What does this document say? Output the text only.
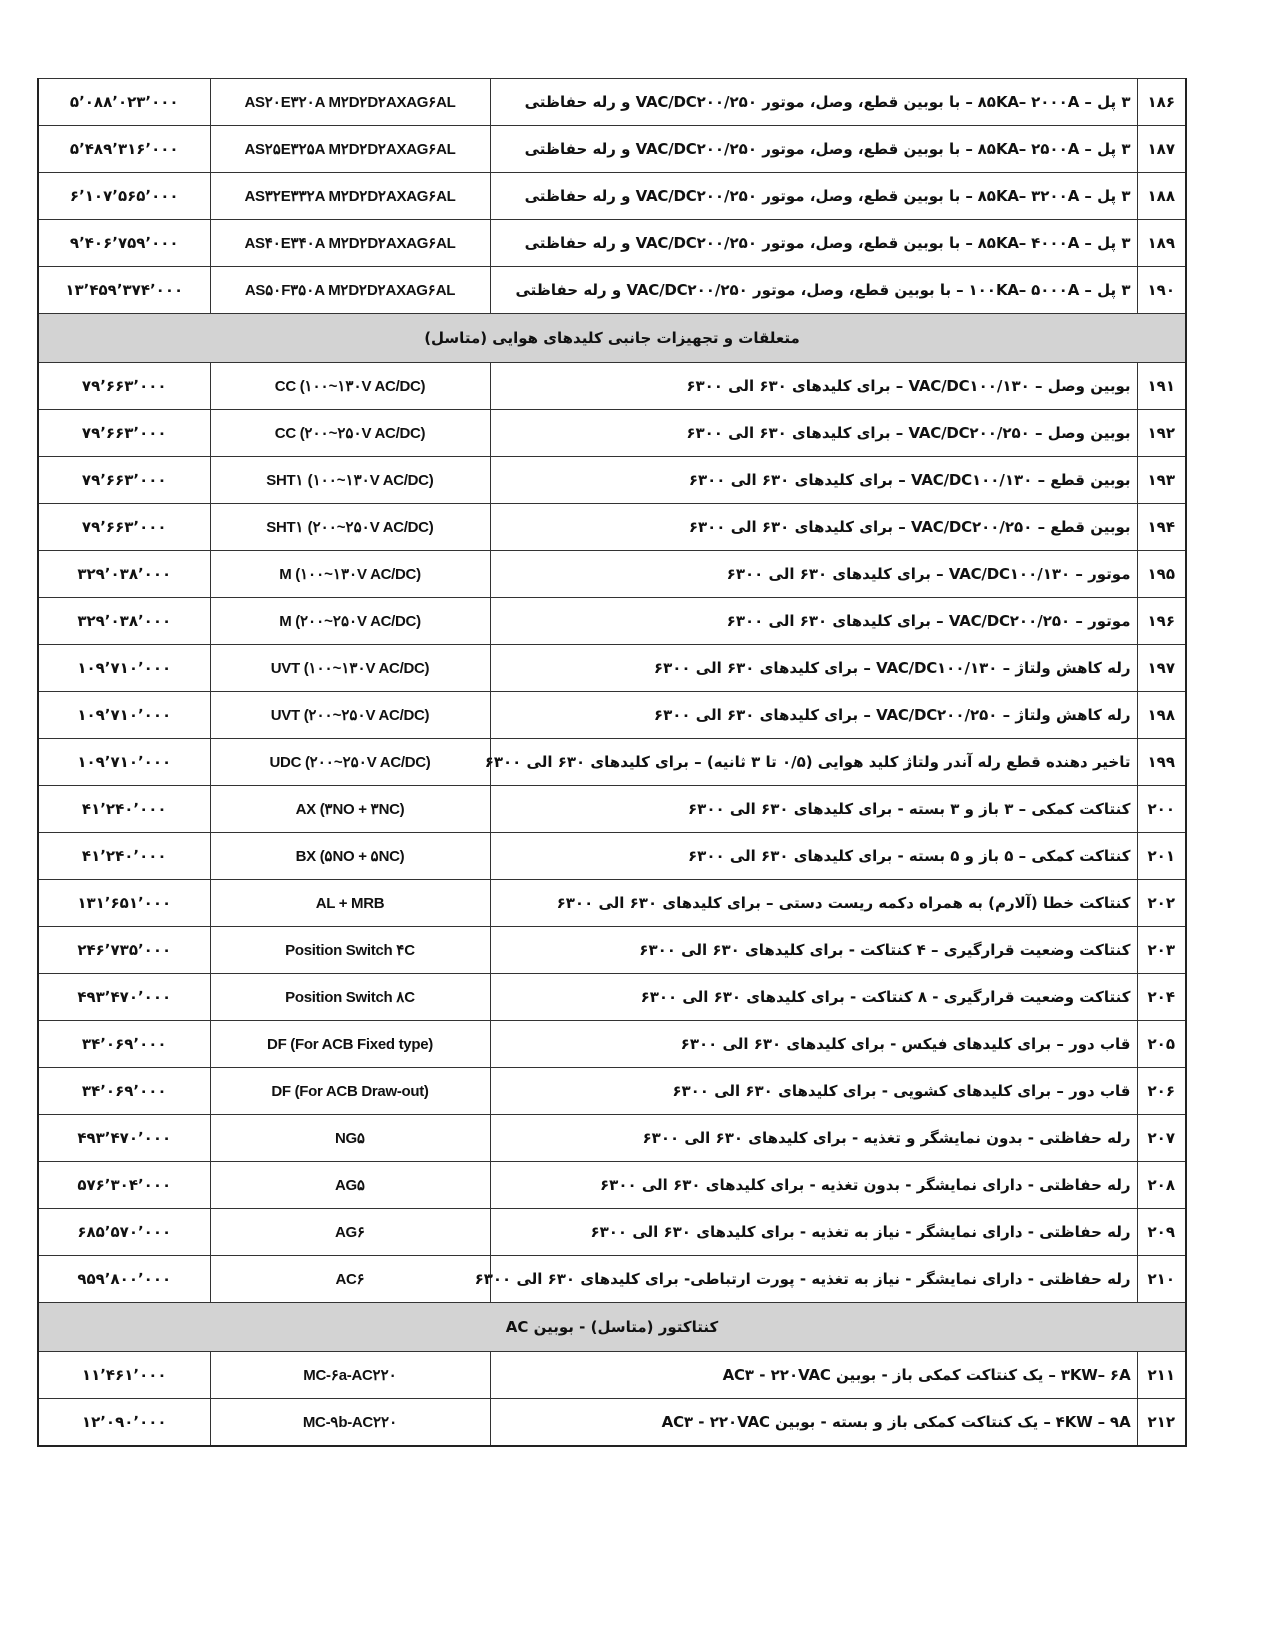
۵٬۰۸۸٬۰۲۳٬۰۰۰	AS۲۰E۳۲۰A M۲D۲D۲AXAG۶AL	۳ پل – ۸۵KA– ۲۰۰۰A – با بوبین قطع، وصل، موتور VAC/DC۲۰۰/۲۵۰ و رله حفاظتی	۱۸۶
۵٬۴۸۹٬۳۱۶٬۰۰۰	AS۲۵E۳۲۵A M۲D۲D۲AXAG۶AL	۳ پل – ۸۵KA– ۲۵۰۰A – با بوبین قطع، وصل، موتور VAC/DC۲۰۰/۲۵۰ و رله حفاظتی	۱۸۷
۶٬۱۰۷٬۵۶۵٬۰۰۰	AS۳۲E۳۳۲A M۲D۲D۲AXAG۶AL	۳ پل – ۸۵KA– ۳۲۰۰A – با بوبین قطع، وصل، موتور VAC/DC۲۰۰/۲۵۰ و رله حفاظتی	۱۸۸
۹٬۴۰۶٬۷۵۹٬۰۰۰	AS۴۰E۳۴۰A M۲D۲D۲AXAG۶AL	۳ پل – ۸۵KA– ۴۰۰۰A – با بوبین قطع، وصل، موتور VAC/DC۲۰۰/۲۵۰ و رله حفاظتی	۱۸۹
۱۳٬۴۵۹٬۳۷۴٬۰۰۰	AS۵۰F۳۵۰A M۲D۲D۲AXAG۶AL	۳ پل – ۱۰۰KA– ۵۰۰۰A – با بوبین قطع، وصل، موتور VAC/DC۲۰۰/۲۵۰ و رله حفاظتی	۱۹۰
متعلقات و تجهیزات جانبی کلیدهای هوایی (متاسل)			
۷۹٬۶۶۳٬۰۰۰	CC (۱۰۰~۱۳۰V AC/DC)	بوبین وصل – VAC/DC۱۰۰/۱۳۰ – برای کلیدهای ۶۳۰ الی ۶۳۰۰	۱۹۱
۷۹٬۶۶۳٬۰۰۰	CC (۲۰۰~۲۵۰V AC/DC)	بوبین وصل – VAC/DC۲۰۰/۲۵۰ – برای کلیدهای ۶۳۰ الی ۶۳۰۰	۱۹۲
۷۹٬۶۶۳٬۰۰۰	SHT۱ (۱۰۰~۱۳۰V AC/DC)	بوبین قطع – VAC/DC۱۰۰/۱۳۰ – برای کلیدهای ۶۳۰ الی ۶۳۰۰	۱۹۳
۷۹٬۶۶۳٬۰۰۰	SHT۱ (۲۰۰~۲۵۰V AC/DC)	بوبین قطع – VAC/DC۲۰۰/۲۵۰ – برای کلیدهای ۶۳۰ الی ۶۳۰۰	۱۹۴
۳۲۹٬۰۳۸٬۰۰۰	M (۱۰۰~۱۳۰V AC/DC)	موتور – VAC/DC۱۰۰/۱۳۰ – برای کلیدهای ۶۳۰ الی ۶۳۰۰	۱۹۵
۳۲۹٬۰۳۸٬۰۰۰	M (۲۰۰~۲۵۰V AC/DC)	موتور – VAC/DC۲۰۰/۲۵۰ – برای کلیدهای ۶۳۰ الی ۶۳۰۰	۱۹۶
۱۰۹٬۷۱۰٬۰۰۰	UVT (۱۰۰~۱۳۰V AC/DC)	رله کاهش ولتاژ – VAC/DC۱۰۰/۱۳۰ – برای کلیدهای ۶۳۰ الی ۶۳۰۰	۱۹۷
۱۰۹٬۷۱۰٬۰۰۰	UVT (۲۰۰~۲۵۰V AC/DC)	رله کاهش ولتاژ – VAC/DC۲۰۰/۲۵۰ – برای کلیدهای ۶۳۰ الی ۶۳۰۰	۱۹۸
۱۰۹٬۷۱۰٬۰۰۰	UDC (۲۰۰~۲۵۰V AC/DC)	تاخیر دهنده قطع رله آندر ولتاژ کلید هوایی (۰/۵ تا ۳ ثانیه) – برای کلیدهای ۶۳۰ الی ۶۳۰۰	۱۹۹
۴۱٬۲۴۰٬۰۰۰	AX (۳NO + ۳NC)	کنتاکت کمکی – ۳ باز و ۳ بسته - برای کلیدهای ۶۳۰ الی ۶۳۰۰	۲۰۰
۴۱٬۲۴۰٬۰۰۰	BX (۵NO + ۵NC)	کنتاکت کمکی – ۵ باز و ۵ بسته - برای کلیدهای ۶۳۰ الی ۶۳۰۰	۲۰۱
۱۳۱٬۶۵۱٬۰۰۰	AL + MRB	کنتاکت خطا (آلارم) به همراه دکمه ریست دستی – برای کلیدهای ۶۳۰ الی ۶۳۰۰	۲۰۲
۲۴۶٬۷۳۵٬۰۰۰	Position Switch ۴C	کنتاکت وضعیت قرارگیری – ۴ کنتاکت - برای کلیدهای ۶۳۰ الی ۶۳۰۰	۲۰۳
۴۹۳٬۴۷۰٬۰۰۰	Position Switch ۸C	کنتاکت وضعیت قرارگیری - ۸ کنتاکت - برای کلیدهای ۶۳۰ الی ۶۳۰۰	۲۰۴
۳۴٬۰۶۹٬۰۰۰	DF (For ACB Fixed type)	قاب دور – برای کلیدهای فیکس - برای کلیدهای ۶۳۰ الی ۶۳۰۰	۲۰۵
۳۴٬۰۶۹٬۰۰۰	DF (For ACB Draw-out)	قاب دور – برای کلیدهای کشویی - برای کلیدهای ۶۳۰ الی ۶۳۰۰	۲۰۶
۴۹۳٬۴۷۰٬۰۰۰	NG۵	رله حفاظتی - بدون نمایشگر و تغذیه - برای کلیدهای ۶۳۰ الی ۶۳۰۰	۲۰۷
۵۷۶٬۳۰۴٬۰۰۰	AG۵	رله حفاظتی - دارای نمایشگر - بدون تغذیه - برای کلیدهای ۶۳۰ الی ۶۳۰۰	۲۰۸
۶۸۵٬۵۷۰٬۰۰۰	AG۶	رله حفاظتی - دارای نمایشگر - نیاز به تغذیه - برای کلیدهای ۶۳۰ الی ۶۳۰۰	۲۰۹
۹۵۹٬۸۰۰٬۰۰۰	AC۶	رله حفاظتی - دارای نمایشگر - نیاز به تغذیه - پورت ارتباطی- برای کلیدهای ۶۳۰ الی ۶۳۰۰	۲۱۰
کنتاکتور (متاسل) - بوبین AC			
۱۱٬۴۶۱٬۰۰۰	MC-۶a-AC۲۲۰	۳KW– ۶A – یک کنتاکت کمکی باز - بوبین AC۳ - ۲۲۰VAC	۲۱۱
۱۲٬۰۹۰٬۰۰۰	MC-۹b-AC۲۲۰	۴KW – ۹A – یک کنتاکت کمکی باز و بسته - بوبین AC۳ - ۲۲۰VAC	۲۱۲
